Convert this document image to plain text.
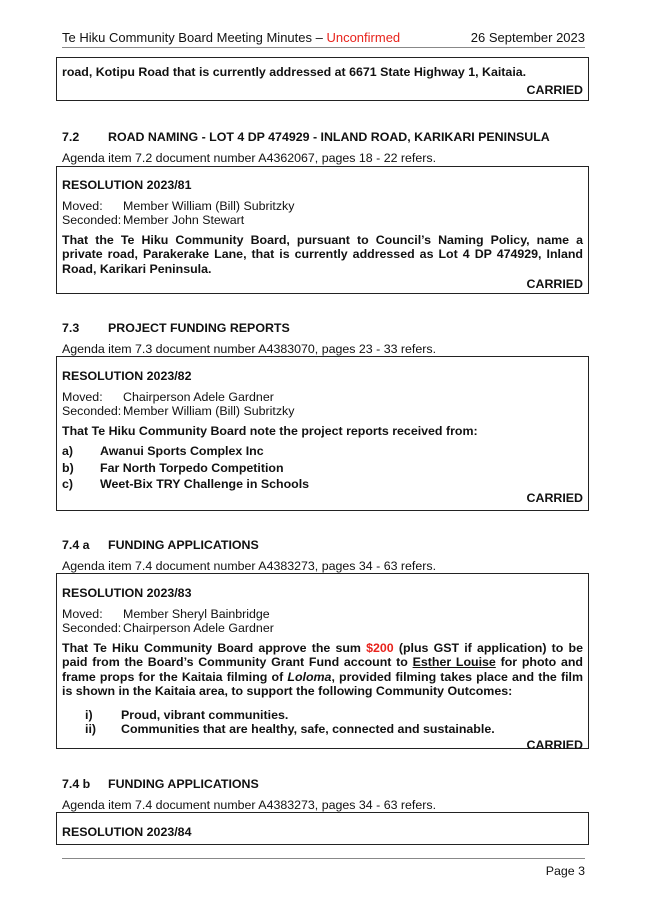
Te Hiku Community Board Meeting Minutes – Unconfirmed	26 September 2023

road, Kotipu Road that is currently addressed at 6671 State Highway 1, Kaitaia.

CARRIED

7.2 ROAD NAMING - LOT 4 DP 474929 - INLAND ROAD, KARIKARI PENINSULA
Agenda item 7.2 document number A4362067, pages 18 - 22 refers.

RESOLUTION 2023/81

Moved:	Member William (Bill) Subritzky
Seconded: Member John Stewart

That the Te Hiku Community Board, pursuant to Council’s Naming Policy, name a private road, Parakerake Lane, that is currently addressed as Lot 4 DP 474929, Inland Road, Karikari Peninsula.

CARRIED

7.3 PROJECT FUNDING REPORTS
Agenda item 7.3 document number A4383070, pages 23 - 33 refers.

RESOLUTION 2023/82

Moved:	Chairperson Adele Gardner
Seconded: Member William (Bill) Subritzky

That Te Hiku Community Board note the project reports received from:

a)	Awanui Sports Complex Inc
b)	Far North Torpedo Competition
c)	Weet-Bix TRY Challenge in Schools

CARRIED

7.4 a FUNDING APPLICATIONS
Agenda item 7.4 document number A4383273, pages 34 - 63 refers.

RESOLUTION 2023/83

Moved:	Member Sheryl Bainbridge
Seconded: Chairperson Adele Gardner

That Te Hiku Community Board approve the sum $200 (plus GST if application) to be paid from the Board’s Community Grant Fund account to Esther Louise for photo and frame props for the Kaitaia filming of Loloma, provided filming takes place and the film is shown in the Kaitaia area, to support the following Community Outcomes:

i)	Proud, vibrant communities.
ii)	Communities that are healthy, safe, connected and sustainable.

CARRIED

7.4 b FUNDING APPLICATIONS
Agenda item 7.4 document number A4383273, pages 34 - 63 refers.

RESOLUTION 2023/84

Page 3
